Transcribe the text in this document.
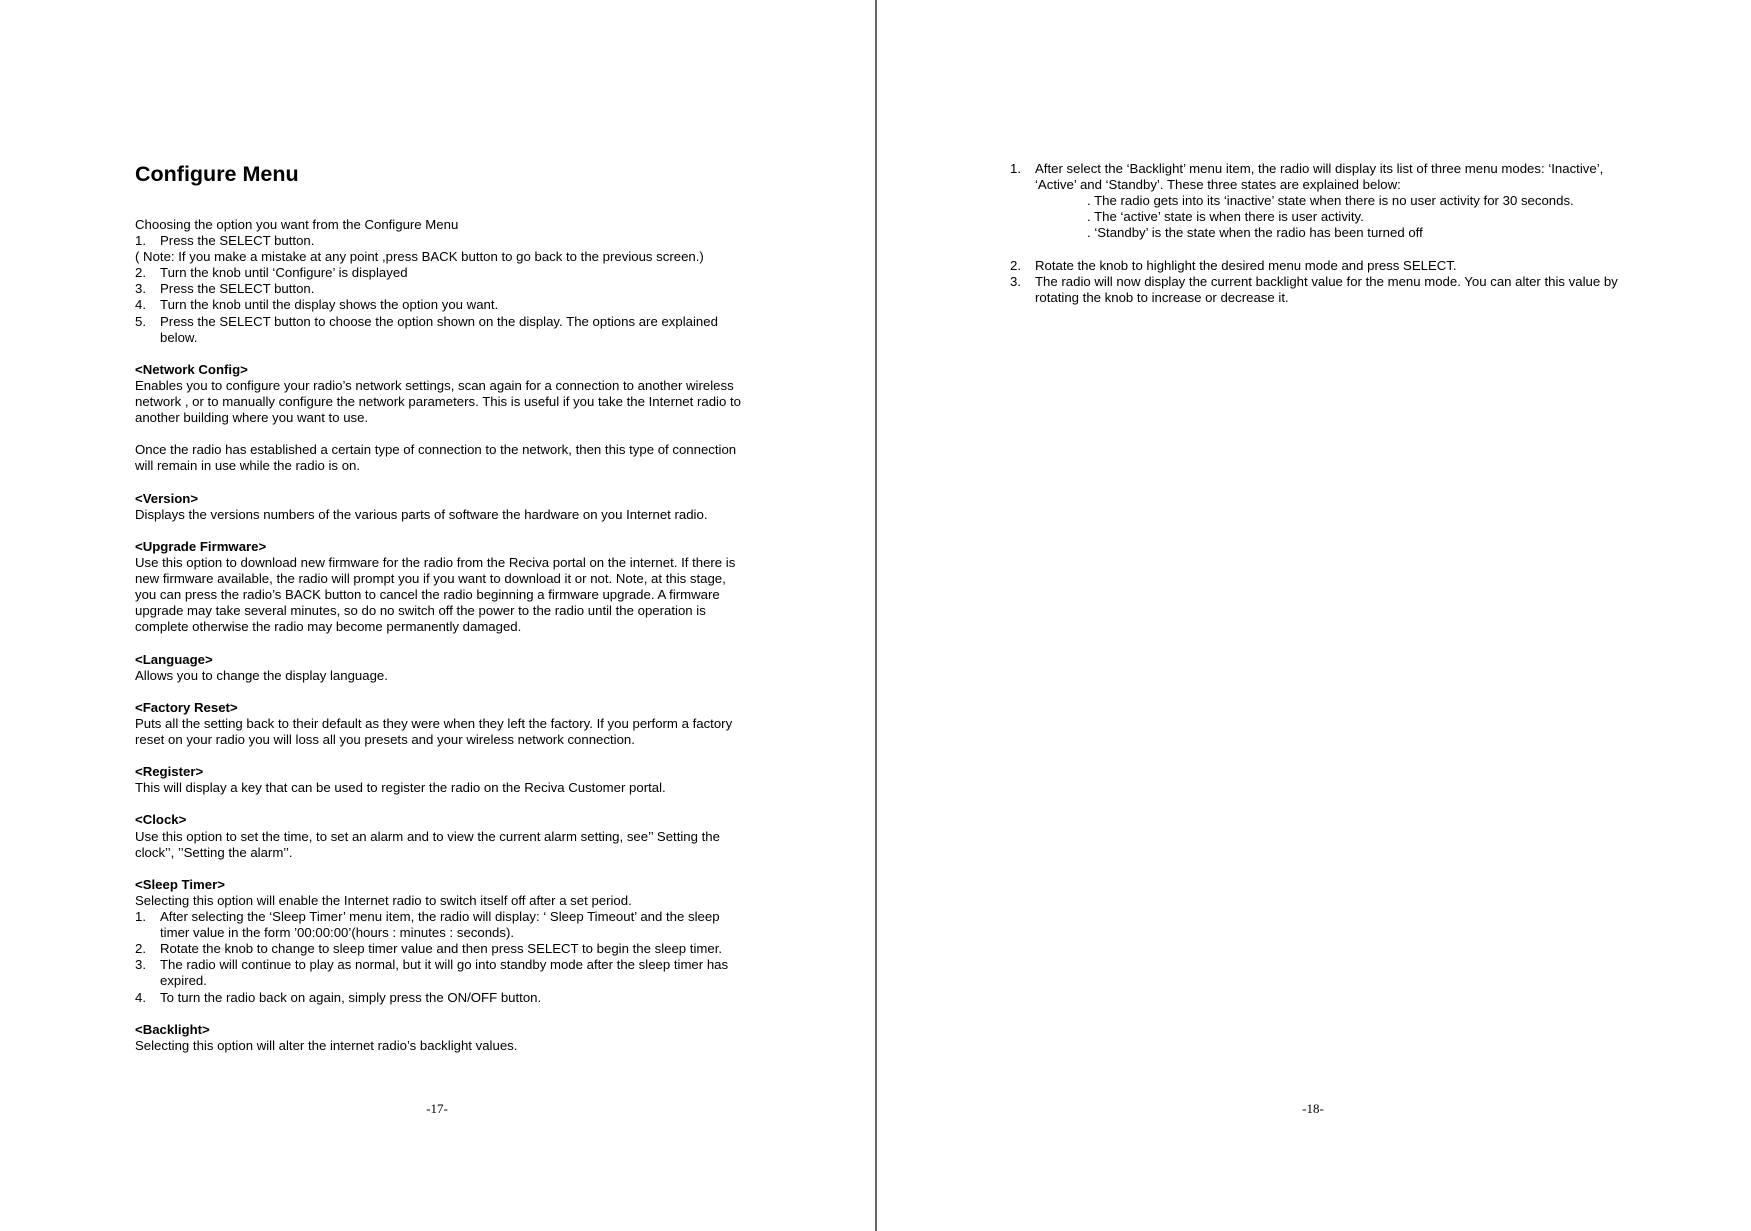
Configure Menu
Choosing the option you want from the Configure Menu
1.	Press the SELECT button.
( Note: If you make a mistake at any point ,press BACK button to go back to the previous screen.)
2.	Turn the knob until ‘Configure’ is displayed
3.	Press the SELECT button.
4.	Turn the knob until the display shows the option you want.
5.	Press the SELECT button to choose the option shown on the display. The options are explained below.
<Network Config>
Enables you to configure your radio’s network settings, scan again for a connection to another wireless network , or to manually configure the network parameters. This is useful if you take the Internet radio to another building where you want to use.
Once the radio has established a certain type of connection to the network, then this type of connection will remain in use while the radio is on.
<Version>
Displays the versions numbers of the various parts of software the hardware on you Internet radio.
<Upgrade Firmware>
Use this option to download new firmware for the radio from the Reciva portal on the internet. If there is new firmware available, the radio will prompt you if you want to download it or not. Note, at this stage, you can press the radio’s BACK button to cancel the radio beginning a firmware upgrade. A firmware upgrade may take several minutes, so do no switch off the power to the radio until the operation is complete otherwise the radio may become permanently damaged.
<Language>
Allows you to change the display language.
<Factory Reset>
Puts all the setting back to their default as they were when they left the factory. If you perform a factory reset on your radio you will loss all you presets and your wireless network connection.
<Register>
This will display a key that can be used to register the radio on the Reciva Customer portal.
<Clock>
Use this option to set the time, to set an alarm and to view the current alarm setting, see’’ Setting the clock’’, ’’Setting the alarm’’.
<Sleep Timer>
Selecting this option will enable the Internet radio to switch itself off after a set period.
1.	After selecting the ‘Sleep Timer’ menu item, the radio will display: ‘ Sleep Timeout’ and the sleep timer value in the form ’00:00:00’(hours : minutes : seconds).
2.	Rotate the knob to change to sleep timer value and then press SELECT to begin the sleep timer.
3.	The radio will continue to play as normal, but it will go into standby mode after the sleep timer has expired.
4.	To turn the radio back on again, simply press the ON/OFF button.
<Backlight>
Selecting this option will alter the internet radio’s backlight values.
-17-
1.	After select the ‘Backlight’ menu item, the radio will display its list of three menu modes: ‘Inactive’, ‘Active’ and ‘Standby’. These three states are explained below:
. The radio gets into its ‘inactive’ state when there is no user activity for 30 seconds.
. The ‘active’ state is when there is user activity.
. ‘Standby’ is the state when the radio has been turned off
2.	Rotate the knob to highlight the desired menu mode and press SELECT.
3.	The radio will now display the current backlight value for the menu mode. You can alter this value by rotating the knob to increase or decrease it.
-18-
